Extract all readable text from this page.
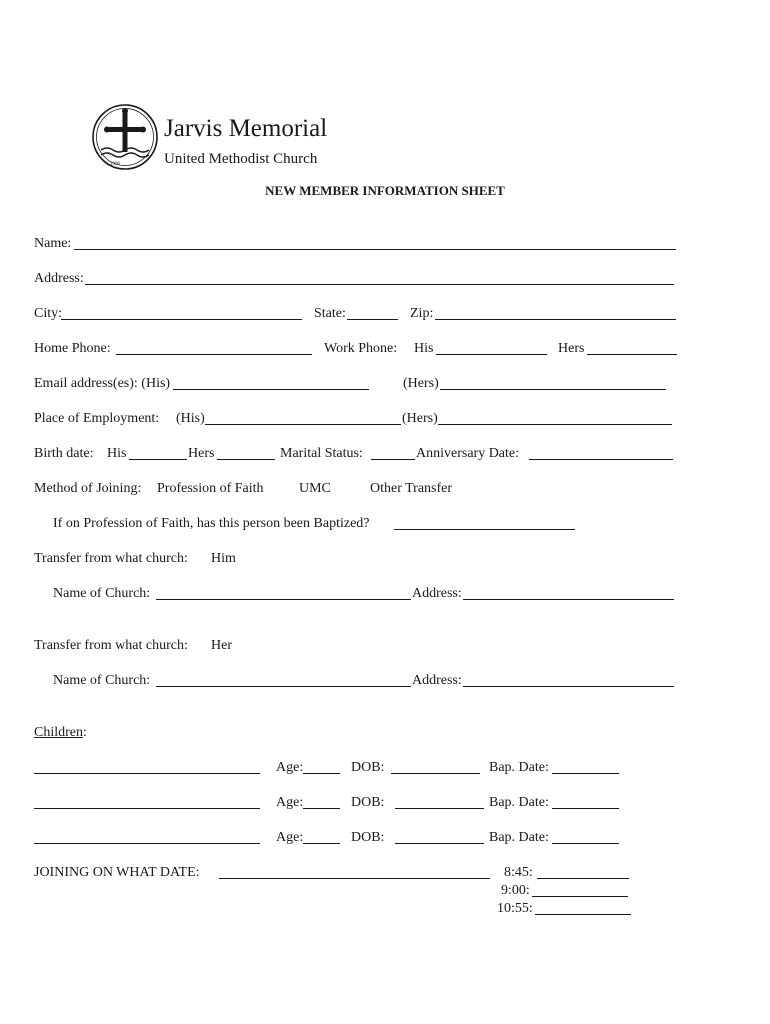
1906
Jarvis Memorial
United Methodist Church
NEW MEMBER INFORMATION SHEET
Name:
Address:
City:	State:	Zip:
Home Phone:	Work Phone: His	Hers
Email address(es): (His)	(Hers)
Place of Employment: (His)	(Hers)
Birth date: His	Hers	Marital Status:	Anniversary Date:
Method of Joining: Profession of Faith	UMC	Other Transfer
If on Profession of Faith, has this person been Baptized?
Transfer from what church: Him
Name of Church:	Address:
Transfer from what church: Her
Name of Church:	Address:
Children:
Age:	DOB:	Bap. Date:
Age:	DOB:	Bap. Date:
Age:	DOB:	Bap. Date:
JOINING ON WHAT DATE:	8:45:
9:00:
10:55:
